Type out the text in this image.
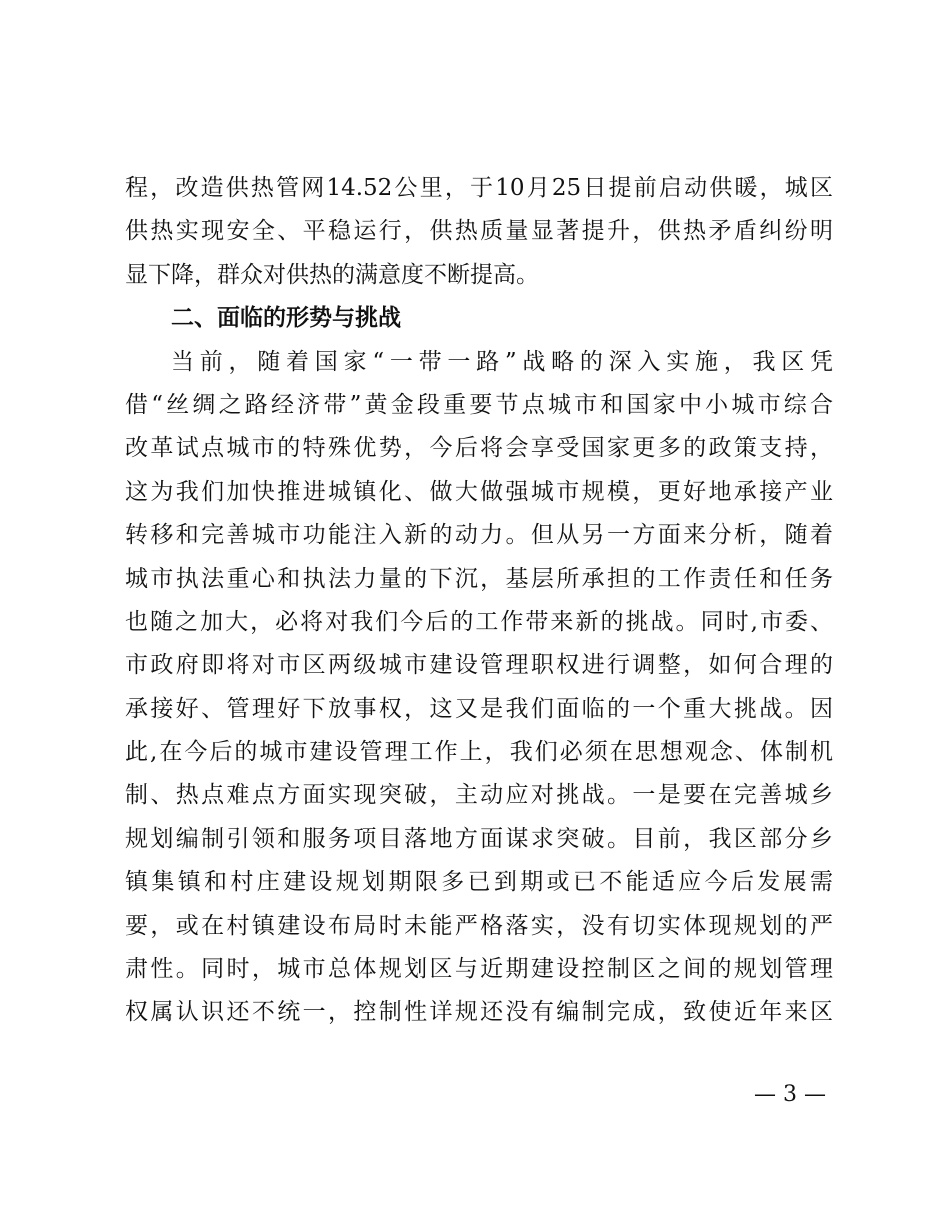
程，改造供热管网14.52公里，于10月25日提前启动供暖，城区
供热实现安全、平稳运行，供热质量显著提升，供热矛盾纠纷明
显下降，群众对供热的满意度不断提高。
二、面临的形势与挑战
当前，随着国家“一带一路”战略的深入实施，我区凭
借“丝绸之路经济带”黄金段重要节点城市和国家中小城市综合
改革试点城市的特殊优势，今后将会享受国家更多的政策支持，
这为我们加快推进城镇化、做大做强城市规模，更好地承接产业
转移和完善城市功能注入新的动力。但从另一方面来分析，随着
城市执法重心和执法力量的下沉，基层所承担的工作责任和任务
也随之加大，必将对我们今后的工作带来新的挑战。同时,市委、
市政府即将对市区两级城市建设管理职权进行调整，如何合理的
承接好、管理好下放事权，这又是我们面临的一个重大挑战。因
此,在今后的城市建设管理工作上，我们必须在思想观念、体制机
制、热点难点方面实现突破，主动应对挑战。一是要在完善城乡
规划编制引领和服务项目落地方面谋求突破。目前，我区部分乡
镇集镇和村庄建设规划期限多已到期或已不能适应今后发展需
要，或在村镇建设布局时未能严格落实，没有切实体现规划的严
肃性。同时，城市总体规划区与近期建设控制区之间的规划管理
权属认识还不统一，控制性详规还没有编制完成，致使近年来区
— 3 —
